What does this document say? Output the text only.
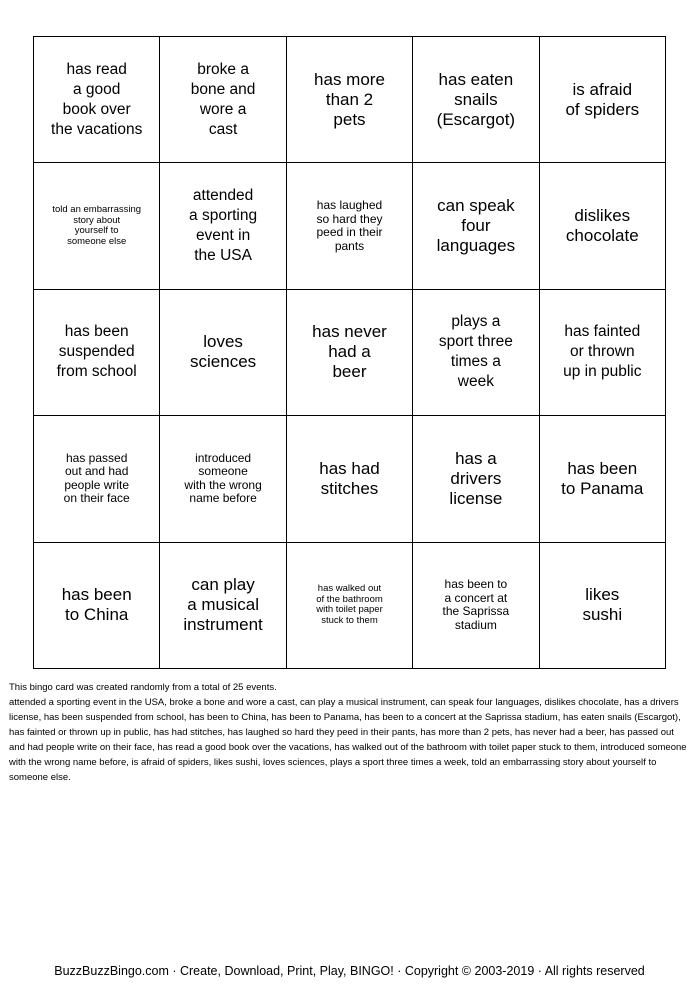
has read
a good
book over
the vacations
broke a
bone and
wore a
cast
has more
than 2
pets
has eaten
snails
(Escargot)
is afraid
of spiders
told an embarrassing
story about
yourself to
someone else
attended
a sporting
event in
the USA
has laughed
so hard they
peed in their
pants
can speak
four
languages
dislikes
chocolate
has been
suspended
from school
loves
sciences
has never
had a
beer
plays a
sport three
times a
week
has fainted
or thrown
up in public
has passed
out and had
people write
on their face
introduced
someone
with the wrong
name before
has had
stitches
has a
drivers
license
has been
to Panama
has been
to China
can play
a musical
instrument
has walked out
of the bathroom
with toilet paper
stuck to them
has been to
a concert at
the Saprissa
stadium
likes
sushi

This bingo card was created randomly from a total of 25 events.

attended a sporting event in the USA, broke a bone and wore a cast, can play a musical instrument, can speak four languages, dislikes chocolate, has a drivers license, has been suspended from school, has been to China, has been to Panama, has been to a concert at the Saprissa stadium, has eaten snails (Escargot), has fainted or thrown up in public, has had stitches, has laughed so hard they peed in their pants, has more than 2 pets, has never had a beer, has passed out and had people write on their face, has read a good book over the vacations, has walked out of the bathroom with toilet paper stuck to them, introduced someone with the wrong name before, is afraid of spiders, likes sushi, loves sciences, plays a sport three times a week, told an embarrassing story about yourself to someone else.

BuzzBuzzBingo.com · Create, Download, Print, Play, BINGO! · Copyright © 2003-2019 · All rights reserved
